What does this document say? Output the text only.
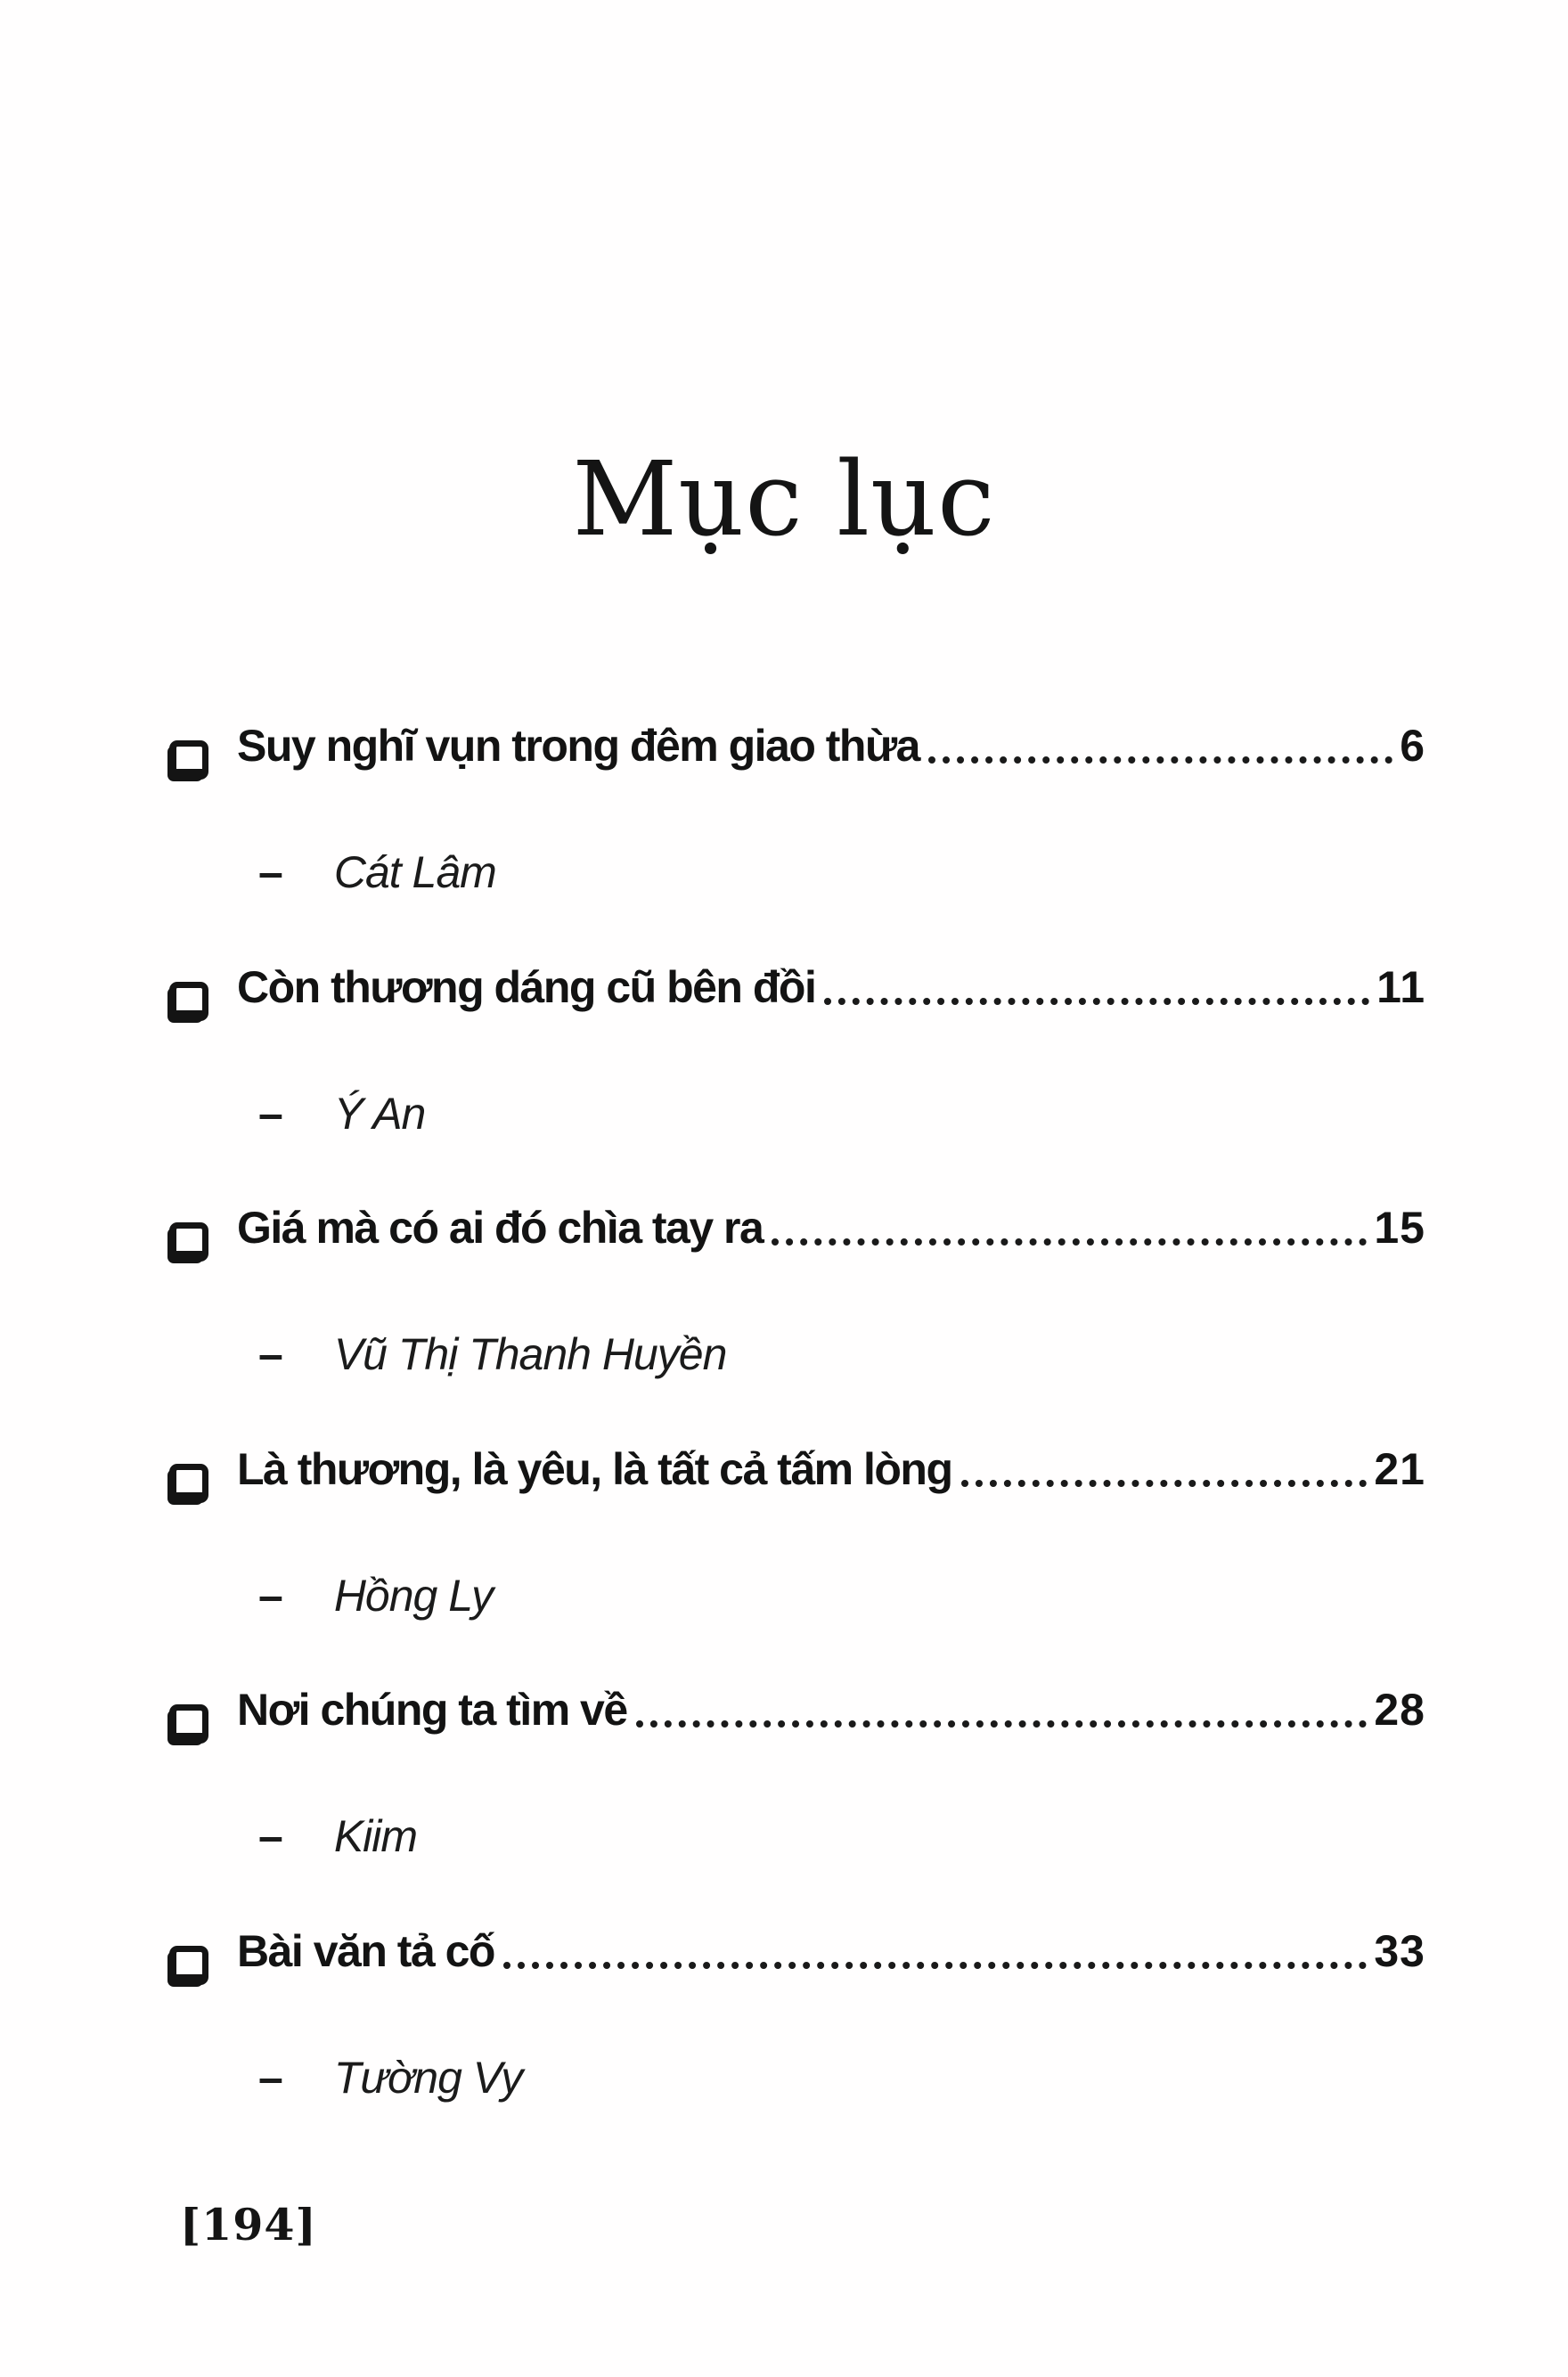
Mục lục
Suy nghĩ vụn trong đêm giao thừa	6
– Cát Lâm
Còn thương dáng cũ bên đồi	11
– Ý An
Giá mà có ai đó chìa tay ra	15
– Vũ Thị Thanh Huyền
Là thương, là yêu, là tất cả tấm lòng	21
– Hồng Ly
Nơi chúng ta tìm về	28
– Kiim
Bài văn tả cố	33
– Tường Vy
[194]
